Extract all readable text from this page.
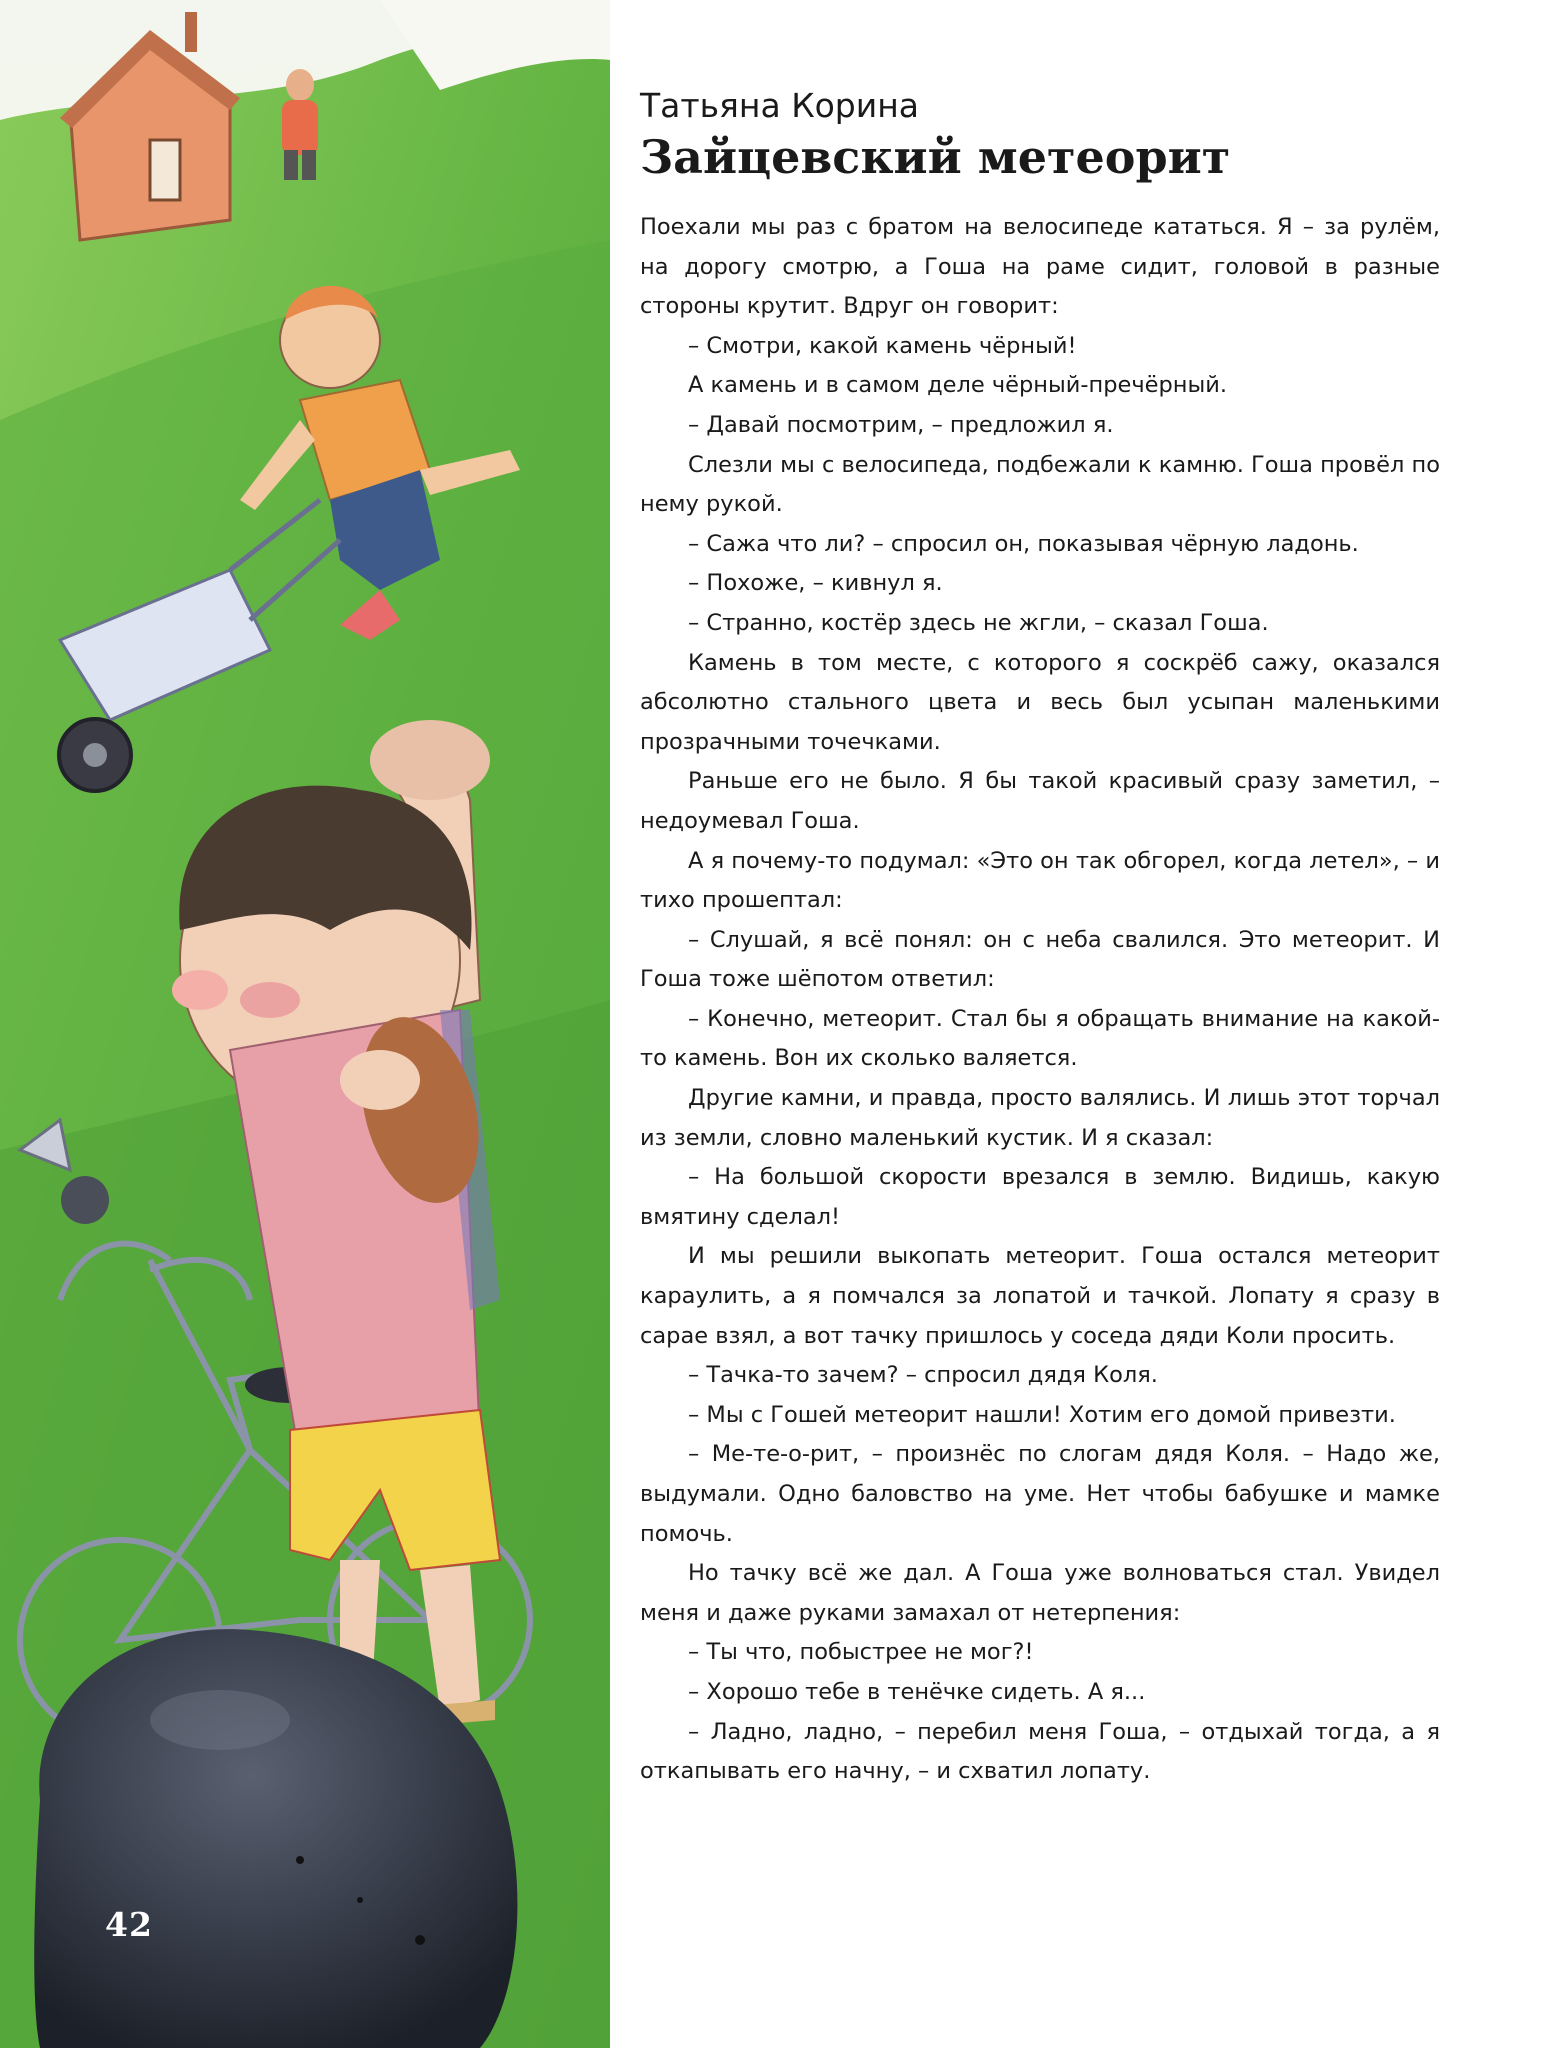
42
Татьяна Корина
Зайцевский метеорит

Поехали мы раз с братом на велосипеде кататься. Я – за рулём, на дорогу смотрю, а Гоша на раме сидит, головой в разные стороны крутит. Вдруг он говорит:

– Смотри, какой камень чёрный!

А камень и в самом деле чёрный-пречёрный.

– Давай посмотрим, – предложил я.

Слезли мы с велосипеда, подбежали к камню. Гоша провёл по нему рукой.

– Сажа что ли? – спросил он, показывая чёрную ладонь.

– Похоже, – кивнул я.

– Странно, костёр здесь не жгли, – сказал Гоша.

Камень в том месте, с которого я соскрёб сажу, оказался абсолютно стального цвета и весь был усыпан маленькими прозрачными точечками.

Раньше его не было. Я бы такой красивый сразу заметил, – недоумевал Гоша.

А я почему-то подумал: «Это он так обгорел, когда летел», – и тихо прошептал:

– Слушай, я всё понял: он с неба свалился. Это метеорит. И Гоша тоже шёпотом ответил:

– Конечно, метеорит. Стал бы я обращать внимание на какой-то камень. Вон их сколько валяется.

Другие камни, и правда, просто валялись. И лишь этот торчал из земли, словно маленький кустик. И я сказал:

– На большой скорости врезался в землю. Видишь, какую вмятину сделал!

И мы решили выкопать метеорит. Гоша остался метеорит караулить, а я помчался за лопатой и тачкой. Лопату я сразу в сарае взял, а вот тачку пришлось у соседа дяди Коли просить.

– Тачка-то зачем? – спросил дядя Коля.

– Мы с Гошей метеорит нашли! Хотим его домой привезти.

– Ме-те-о-рит, – произнёс по слогам дядя Коля. – Надо же, выдумали. Одно баловство на уме. Нет чтобы бабушке и мамке помочь.

Но тачку всё же дал. А Гоша уже волноваться стал. Увидел меня и даже руками замахал от нетерпения:

– Ты что, побыстрее не мог?!

– Хорошо тебе в тенёчке сидеть. А я...

– Ладно, ладно, – перебил меня Гоша, – отдыхай тогда, а я откапывать его начну, – и схватил лопату.
